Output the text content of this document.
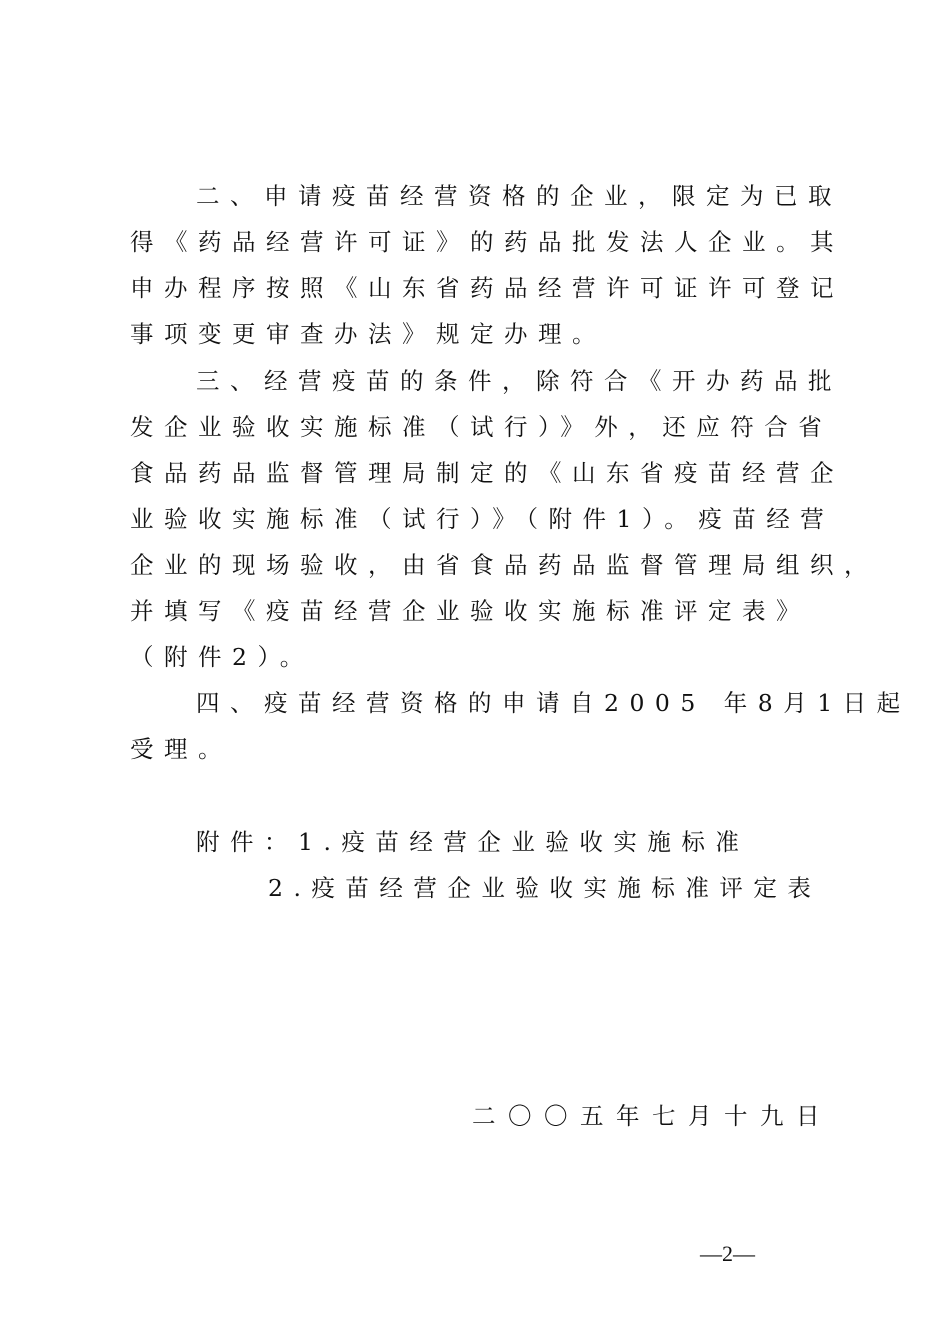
二、申请疫苗经营资格的企业，限定为已取
得《药品经营许可证》的药品批发法人企业。其
申办程序按照《山东省药品经营许可证许可登记
事项变更审查办法》规定办理。
三、经营疫苗的条件，除符合《开办药品批
发企业验收实施标准（试行）》外，还应符合省
食品药品监督管理局制定的《山东省疫苗经营企
业验收实施标准（试行）》（附件1）。疫苗经营
企业的现场验收，由省食品药品监督管理局组织，
并填写《疫苗经营企业验收实施标准评定表》
（附件2）。
四、疫苗经营资格的申请自2005 年8月1日起
受理。
附件：1.疫苗经营企业验收实施标准
2.疫苗经营企业验收实施标准评定表
二〇〇五年七月十九日
—2—
